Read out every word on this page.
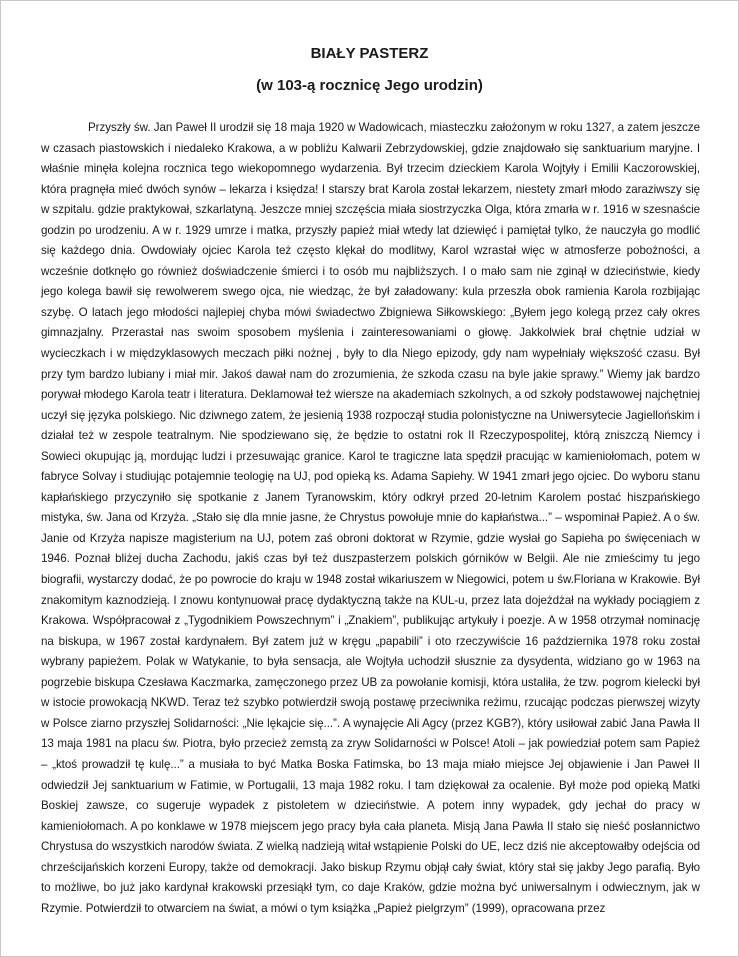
BIAŁY PASTERZ
(w 103-ą rocznicę Jego urodzin)

Przyszły św. Jan Paweł II urodził się 18 maja 1920 w Wadowicach, miasteczku założonym w roku 1327, a zatem jeszcze w czasach piastowskich i niedaleko Krakowa, a w pobliżu Kalwarii Zebrzydowskiej, gdzie znajdowało się sanktuarium maryjne. I właśnie minęła kolejna rocznica tego wiekopomnego wydarzenia. Był trzecim dzieckiem Karola Wojtyły i Emilii Kaczorowskiej, która pragnęła mieć dwóch synów – lekarza i księdza! I starszy brat Karola został lekarzem, niestety zmarł młodo zaraziwszy się w szpitalu. gdzie praktykował, szkarlatyną. Jeszcze mniej szczęścia miała siostrzyczka Olga, która zmarła w r. 1916 w szesnaście godzin po urodzeniu. A w r. 1929 umrze i matka, przyszły papież miał wtedy lat dziewięć i pamiętał tylko, że nauczyła go modlić się każdego dnia. Owdowiały ojciec Karola też często klękał do modlitwy, Karol wzrastał więc w atmosferze pobożności, a wcześnie dotknęło go również doświadczenie śmierci i to osób mu najbliższych. I o mało sam nie zginął w dzieciństwie, kiedy jego kolega bawił się rewolwerem swego ojca, nie wiedząc, że był załadowany: kula przeszła obok ramienia Karola rozbijając szybę. O latach jego młodości najlepiej chyba mówi świadectwo Zbigniewa Siłkowskiego: „Byłem jego kolegą przez cały okres gimnazjalny. Przerastał nas swoim sposobem myślenia i zainteresowaniami o głowę. Jakkolwiek brał chętnie udział w wycieczkach i w międzyklasowych meczach piłki nożnej , były to dla Niego epizody, gdy nam wypełniały większość czasu. Był przy tym bardzo lubiany i miał mir. Jakoś dawał nam do zrozumienia, że szkoda czasu na byle jakie sprawy.” Wiemy jak bardzo porywał młodego Karola teatr i literatura. Deklamował też wiersze na akademiach szkolnych, a od szkoły podstawowej najchętniej uczył się języka polskiego. Nic dziwnego zatem, że jesienią 1938 rozpoczął studia polonistyczne na Uniwersytecie Jagiellońskim i działał też w zespole teatralnym. Nie spodziewano się, że będzie to ostatni rok II Rzeczypospolitej, którą zniszczą Niemcy i Sowieci okupując ją, mordując ludzi i przesuwając granice. Karol te tragiczne lata spędził pracując w kamieniołomach, potem w fabryce Solvay i studiując potajemnie teologię na UJ, pod opieką ks. Adama Sapiehy. W 1941 zmarł jego ojciec. Do wyboru stanu kapłańskiego przyczyniło się spotkanie z Janem Tyranowskim, który odkrył przed 20-letnim Karolem postać hiszpańskiego mistyka, św. Jana od Krzyża. „Stało się dla mnie jasne, że Chrystus powołuje mnie do kapłaństwa...” – wspominał Papież. A o św. Janie od Krzyża napisze magisterium na UJ, potem zaś obroni doktorat w Rzymie, gdzie wysłał go Sapieha po święceniach w 1946. Poznał bliżej ducha Zachodu, jakiś czas był też duszpasterzem polskich górników w Belgii. Ale nie zmieścimy tu jego biografii, wystarczy dodać, że po powrocie do kraju w 1948 został wikariuszem w Niegowici, potem u św.Floriana w Krakowie. Był znakomitym kaznodzieją. I znowu kontynuował pracę dydaktyczną także na KUL-u, przez lata dojeżdżał na wykłady pociągiem z Krakowa. Współpracował z „Tygodnikiem Powszechnym” i „Znakiem”, publikując artykuły i poezje. A w 1958 otrzymał nominację na biskupa, w 1967 został kardynałem. Był zatem już w kręgu „papabili” i oto rzeczywiście 16 października 1978 roku został wybrany papieżem. Polak w Watykanie, to była sensacja, ale Wojtyła uchodził słusznie za dysydenta, widziano go w 1963 na pogrzebie biskupa Czesława Kaczmarka, zamęczonego przez UB za powołanie komisji, która ustaliła, że tzw. pogrom kielecki był w istocie prowokacją NKWD. Teraz też szybko potwierdził swoją postawę przeciwnika reżimu, rzucając podczas pierwszej wizyty w Polsce ziarno przyszłej Solidarności: „Nie lękajcie się...”. A wynajęcie Ali Agcy (przez KGB?), który usiłował zabić Jana Pawła II 13 maja 1981 na placu św. Piotra, było przecież zemstą za zryw Solidarności w Polsce! Atoli – jak powiedział potem sam Papież – „ktoś prowadził tę kulę...” a musiała to być Matka Boska Fatimska, bo 13 maja miało miejsce Jej objawienie i Jan Paweł II odwiedził Jej sanktuarium w Fatimie, w Portugalii, 13 maja 1982 roku. I tam dziękował za ocalenie. Był może pod opieką Matki Boskiej zawsze, co sugeruje wypadek z pistoletem w dzieciństwie. A potem inny wypadek, gdy jechał do pracy w kamieniołomach. A po konklawe w 1978 miejscem jego pracy była cała planeta. Misją Jana Pawła II stało się nieść posłannictwo Chrystusa do wszystkich narodów świata. Z wielką nadzieją witał wstąpienie Polski do UE, lecz dziś nie akceptowałby odejścia od chrześcijańskich korzeni Europy, także od demokracji. Jako biskup Rzymu objął cały świat, który stał się jakby Jego parafią. Było to możliwe, bo już jako kardynał krakowski przesiąkł tym, co daje Kraków, gdzie można być uniwersalnym i odwiecznym, jak w Rzymie. Potwierdził to otwarciem na świat, a mówi o tym książka „Papież pielgrzym” (1999), opracowana przez
